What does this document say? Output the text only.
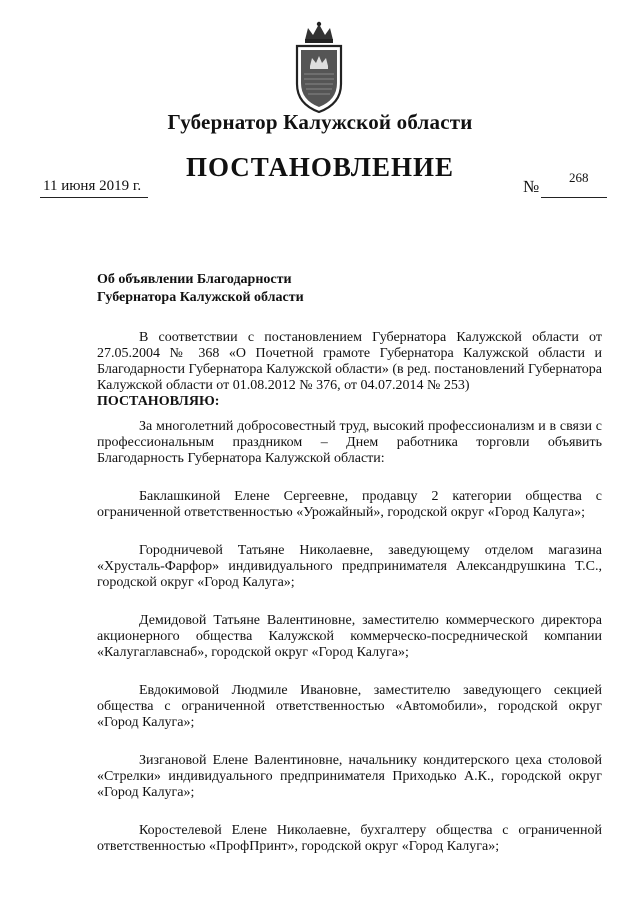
Губернатор Калужской области
ПОСТАНОВЛЕНИЕ
11 июня 2019 г.	№ 268
Об объявлении Благодарности
Губернатора Калужской области

В соответствии с постановлением Губернатора Калужской области от 27.05.2004 № 368 «О Почетной грамоте Губернатора Калужской области и Благодарности Губернатора Калужской области» (в ред. постановлений Губернатора Калужской области от 01.08.2012 № 376, от 04.07.2014 № 253)

ПОСТАНОВЛЯЮ:

За многолетний добросовестный труд, высокий профессионализм и в связи с профессиональным праздником – Днем работника торговли объявить Благодарность Губернатора Калужской области:

Баклашкиной Елене Сергеевне, продавцу 2 категории общества с ограниченной ответственностью «Урожайный», городской округ «Город Калуга»;

Городничевой Татьяне Николаевне, заведующему отделом магазина «Хрусталь-Фарфор» индивидуального предпринимателя Александрушкина Т.С., городской округ «Город Калуга»;

Демидовой Татьяне Валентиновне, заместителю коммерческого директора акционерного общества Калужской коммерческо-посреднической компании «Калугаглавснаб», городской округ «Город Калуга»;

Евдокимовой Людмиле Ивановне, заместителю заведующего секцией общества с ограниченной ответственностью «Автомобили», городской округ «Город Калуга»;

Зизгановой Елене Валентиновне, начальнику кондитерского цеха столовой «Стрелки» индивидуального предпринимателя Приходько А.К., городской округ «Город Калуга»;

Коростелевой Елене Николаевне, бухгалтеру общества с ограниченной ответственностью «ПрофПринт», городской округ «Город Калуга»;
